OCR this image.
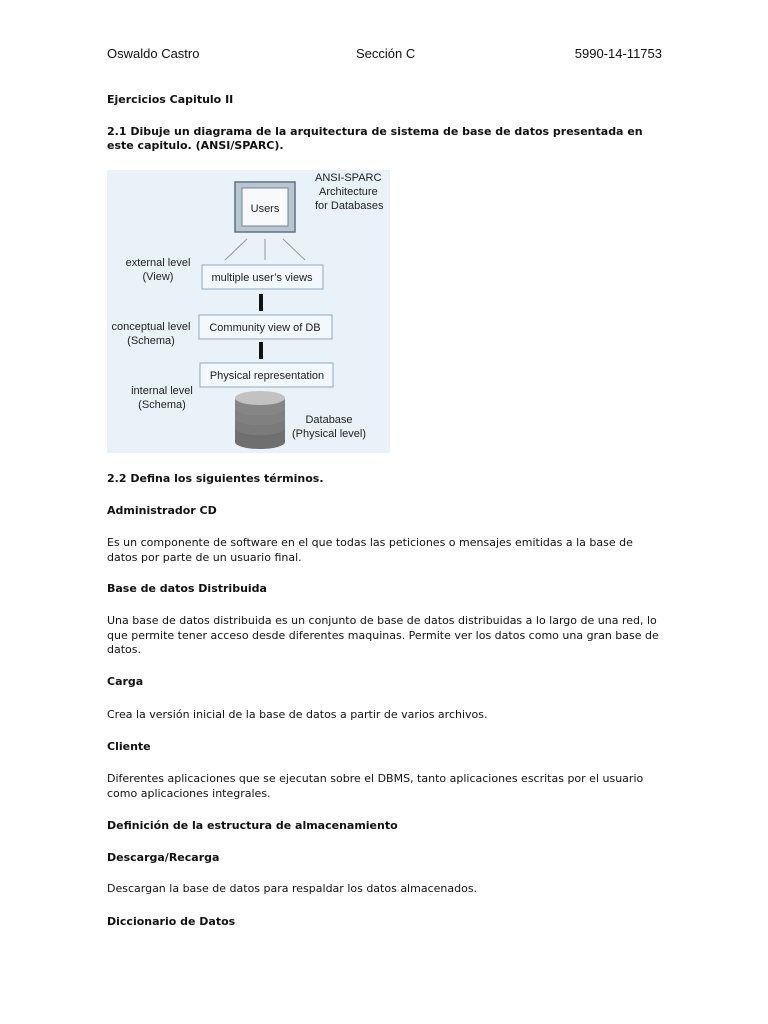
Oswaldo Castro	Sección C	5990-14-11753

Ejercicios Capitulo II

2.1 Dibuje un diagrama de la arquitectura de sistema de base de datos presentada en este capitulo. (ANSI/SPARC).

Users
ANSI-SPARC
Architecture
for Databases
external level
(View)	multiple user’s views
conceptual level
(Schema)
Community view of DB
internal level
(Schema)
Physical representation
Database
(Physical level)

2.2 Defina los siguientes términos.

Administrador CD

Es un componente de software en el que todas las peticiones o mensajes emitidas a la base de datos por parte de un usuario final.

Base de datos Distribuida

Una base de datos distribuida es un conjunto de base de datos distribuidas a lo largo de una red, lo que permite tener acceso desde diferentes maquinas. Permite ver los datos como una gran base de datos.

Carga

Crea la versión inicial de la base de datos a partir de varios archivos.

Cliente

Diferentes aplicaciones que se ejecutan sobre el DBMS, tanto aplicaciones escritas por el usuario como aplicaciones integrales.

Definición de la estructura de almacenamiento

Descarga/Recarga

Descargan la base de datos para respaldar los datos almacenados.

Diccionario de Datos
